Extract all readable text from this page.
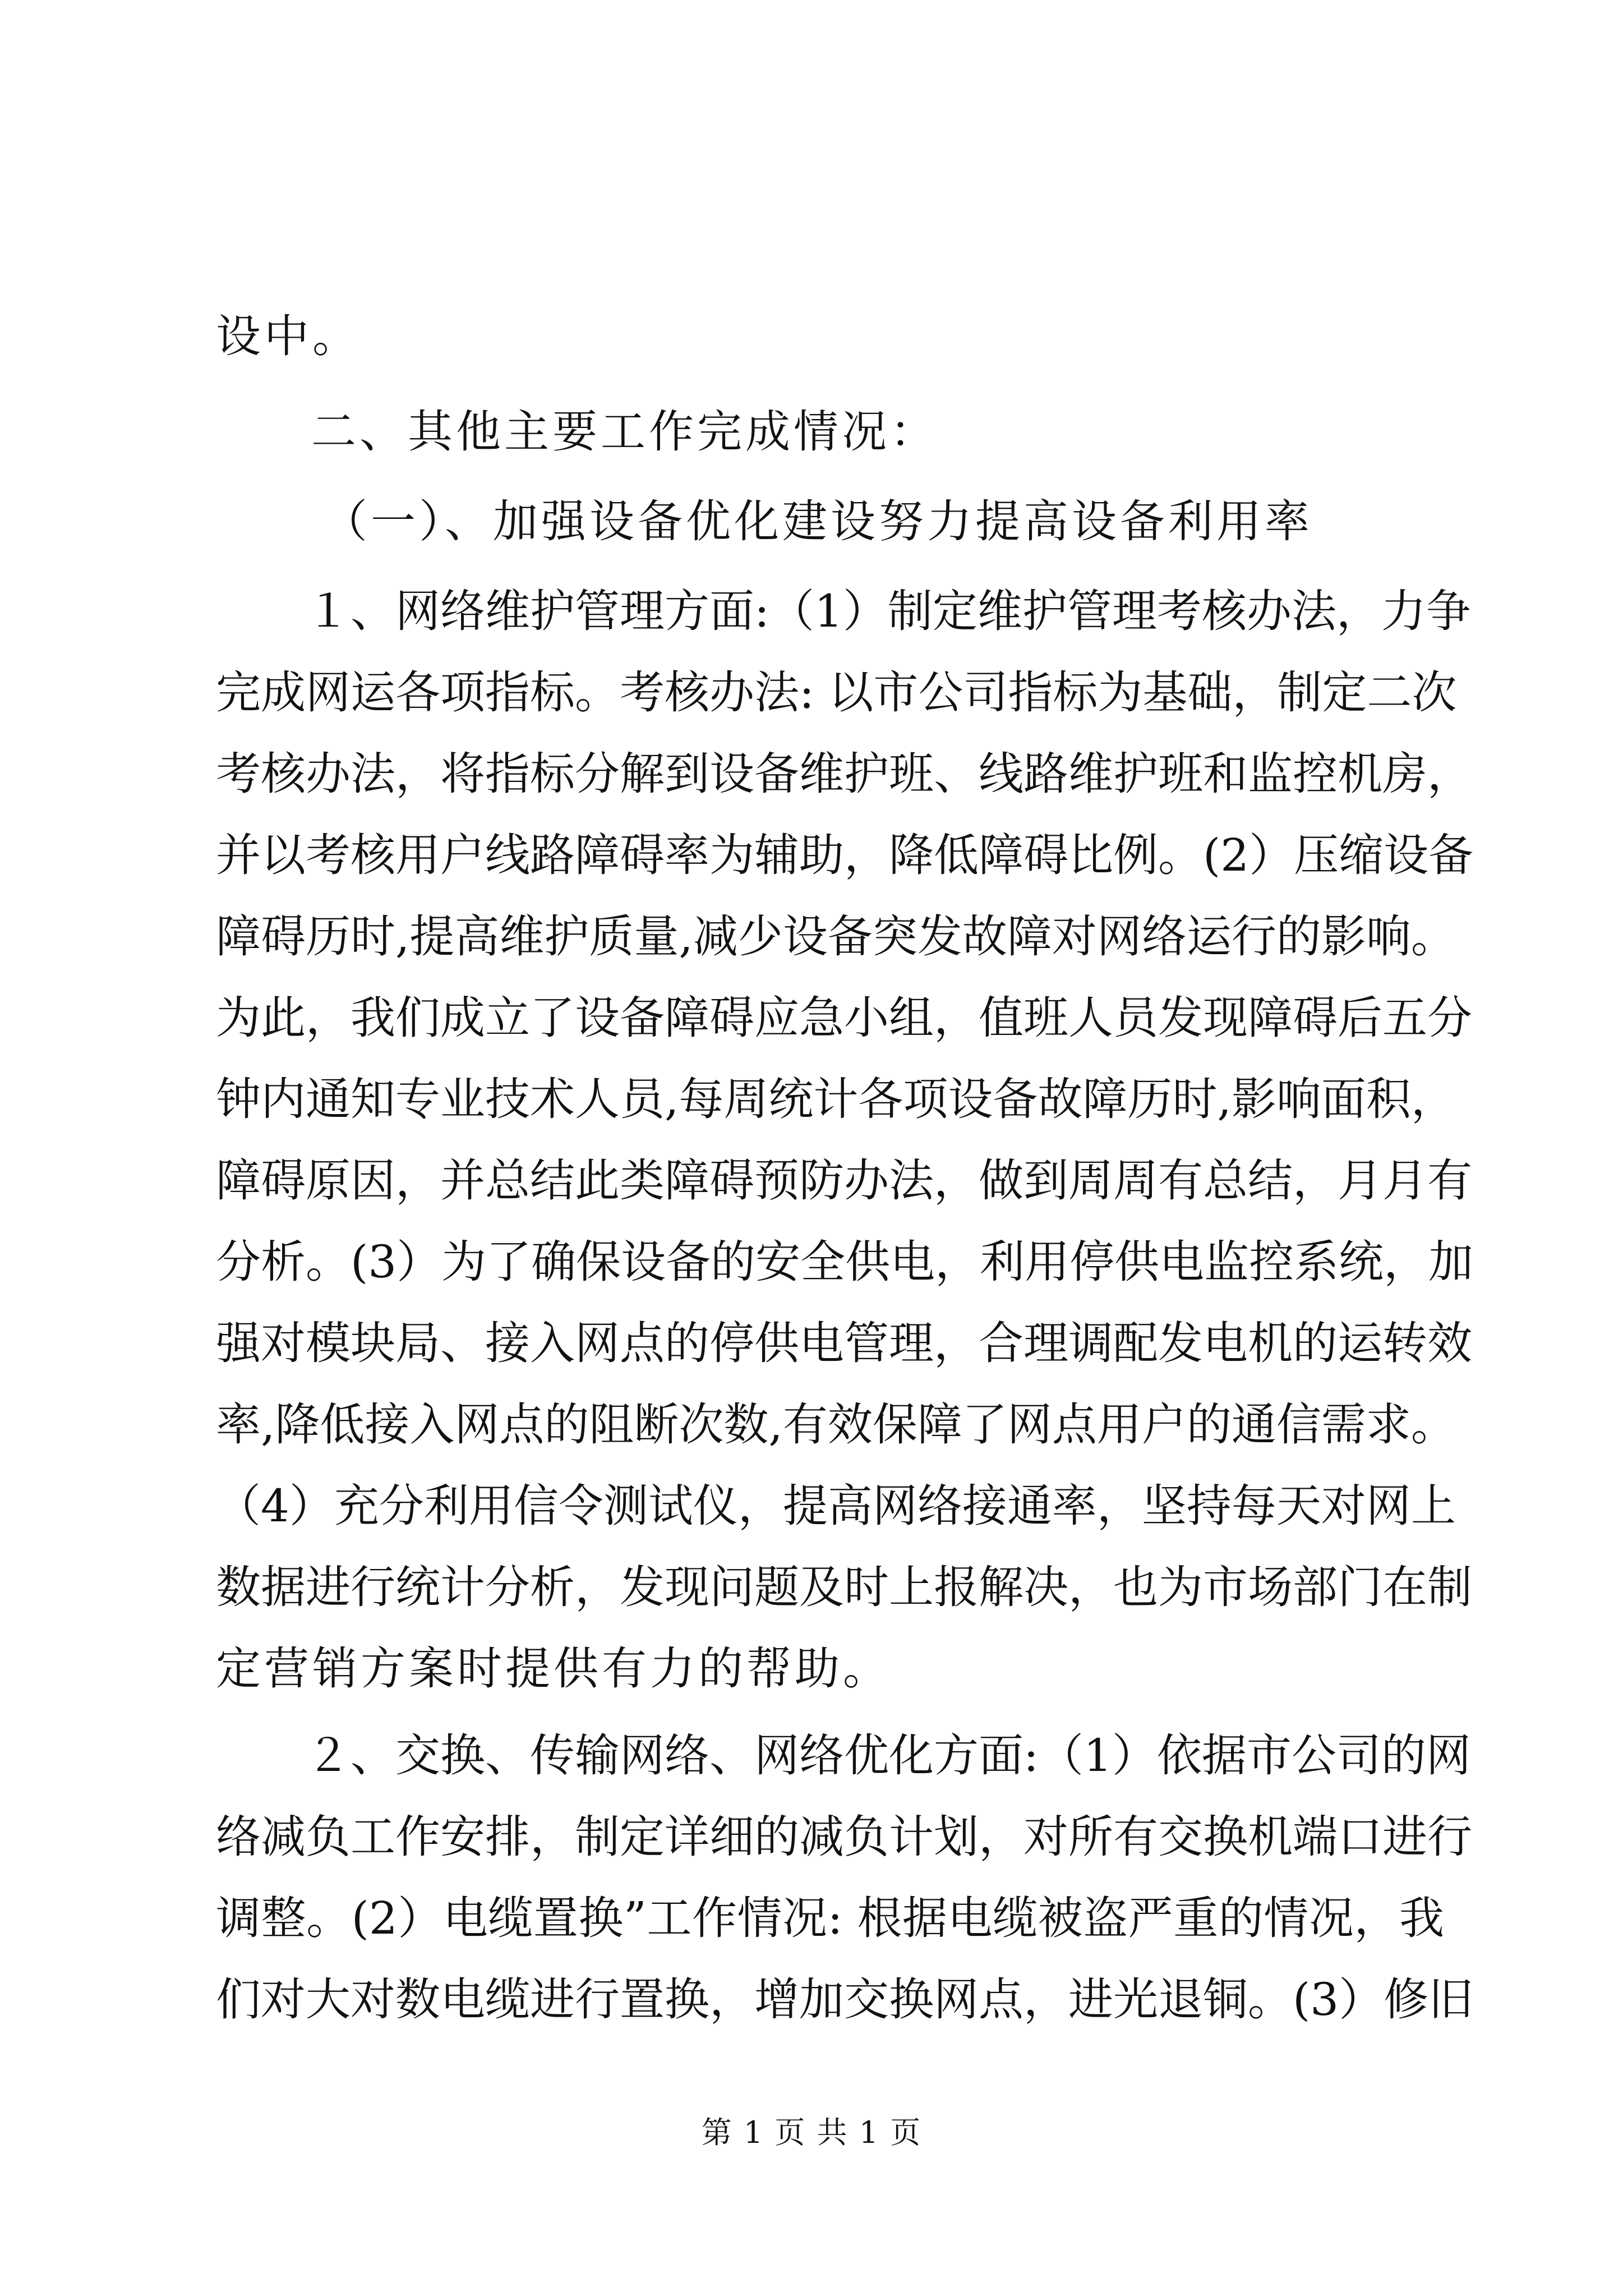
设中。
二、其他主要工作完成情况：
（一）、加强设备优化建设努力提高设备利用率
１、网络维护管理方面:（1）制定维护管理考核办法，力争
完成网运各项指标。考核办法: 以市公司指标为基础，制定二次
考核办法，将指标分解到设备维护班、线路维护班和监控机房，
并以考核用户线路障碍率为辅助，降低障碍比例。(2）压缩设备
障碍历时,提高维护质量,减少设备突发故障对网络运行的影响。
为此，我们成立了设备障碍应急小组，值班人员发现障碍后五分
钟内通知专业技术人员,每周统计各项设备故障历时,影响面积，
障碍原因，并总结此类障碍预防办法，做到周周有总结，月月有
分析。(3）为了确保设备的安全供电，利用停供电监控系统，加
强对模块局、接入网点的停供电管理，合理调配发电机的运转效
率,降低接入网点的阻断次数,有效保障了网点用户的通信需求。
（4）充分利用信令测试仪，提高网络接通率，坚持每天对网上
数据进行统计分析，发现问题及时上报解决，也为市场部门在制
定营销方案时提供有力的帮助。
２、交换、传输网络、网络优化方面:（1）依据市公司的网
络减负工作安排，制定详细的减负计划，对所有交换机端口进行
调整。(2）电缆置换”工作情况: 根据电缆被盗严重的情况，我
们对大对数电缆进行置换，增加交换网点，进光退铜。(3）修旧
第 1 页 共 1 页
